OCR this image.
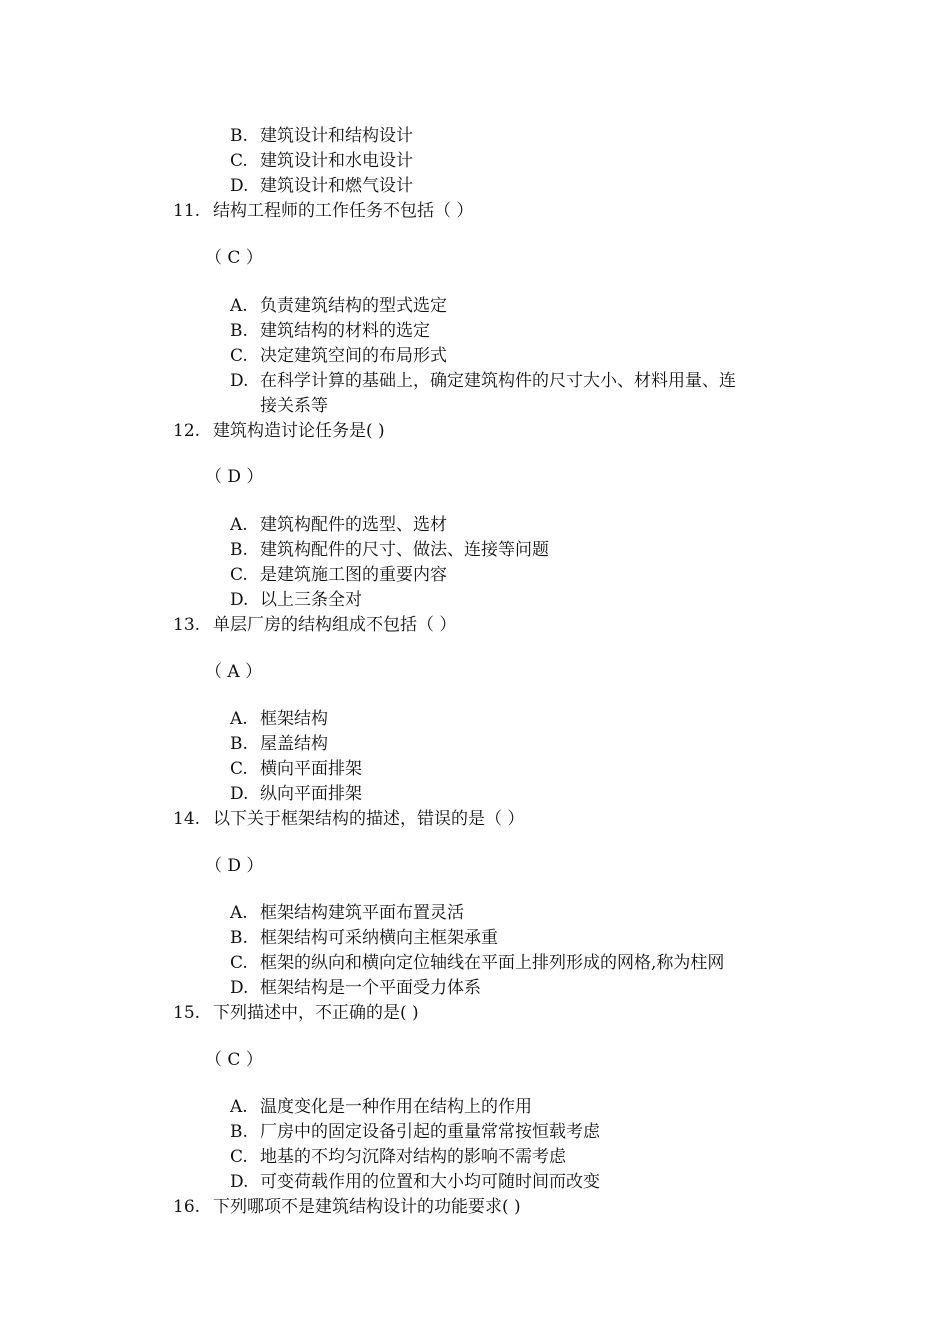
B. 建筑设计和结构设计
C. 建筑设计和水电设计
D. 建筑设计和燃气设计
11. 结构工程师的工作任务不包括（ ）
（ C ）
A. 负责建筑结构的型式选定
B. 建筑结构的材料的选定
C. 决定建筑空间的布局形式
D. 在科学计算的基础上，确定建筑构件的尺寸大小、材料用量、连
接关系等
12. 建筑构造讨论任务是( )
（ D ）
A. 建筑构配件的选型、选材
B. 建筑构配件的尺寸、做法、连接等问题
C. 是建筑施工图的重要内容
D. 以上三条全对
13. 单层厂房的结构组成不包括（ ）
（ A ）
A. 框架结构
B. 屋盖结构
C. 横向平面排架
D. 纵向平面排架
14. 以下关于框架结构的描述，错误的是（ ）
（ D ）
A. 框架结构建筑平面布置灵活
B. 框架结构可采纳横向主框架承重
C. 框架的纵向和横向定位轴线在平面上排列形成的网格,称为柱网
D. 框架结构是一个平面受力体系
15. 下列描述中，不正确的是( )
（ C ）
A. 温度变化是一种作用在结构上的作用
B. 厂房中的固定设备引起的重量常常按恒载考虑
C. 地基的不均匀沉降对结构的影响不需考虑
D. 可变荷载作用的位置和大小均可随时间而改变
16. 下列哪项不是建筑结构设计的功能要求( )
